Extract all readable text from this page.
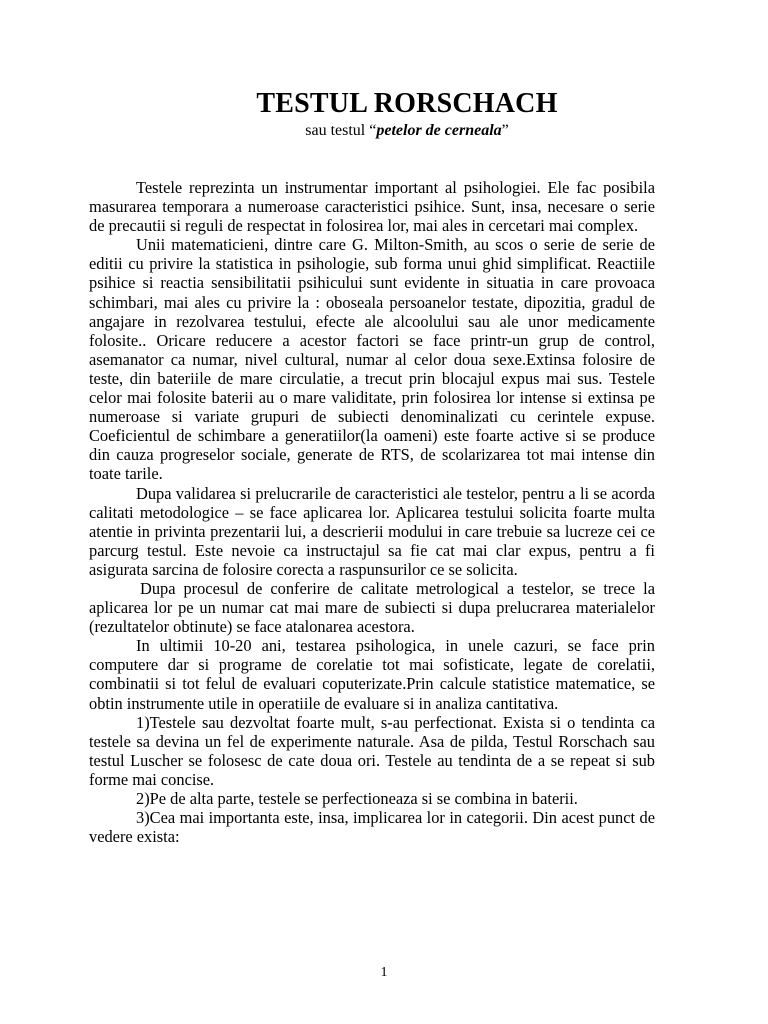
TESTUL RORSCHACH

sau testul “petelor de cerneala”

Testele reprezinta un instrumentar important al psihologiei. Ele fac posibila masurarea temporara a numeroase caracteristici psihice. Sunt, insa, necesare o serie de precautii si reguli de respectat in folosirea lor, mai ales in cercetari mai complex.

Unii matematicieni, dintre care G. Milton-Smith, au scos o serie de serie de editii cu privire la statistica in psihologie, sub forma unui ghid simplificat. Reactiile psihice si reactia sensibilitatii psihicului sunt evidente in situatia in care provoaca schimbari, mai ales cu privire la : oboseala persoanelor testate, dipozitia, gradul de angajare in rezolvarea testului, efecte ale alcoolului sau ale unor medicamente folosite.. Oricare reducere a acestor factori se face printr-un grup de control, asemanator ca numar, nivel cultural, numar al celor doua sexe.Extinsa folosire de teste, din bateriile de mare circulatie, a trecut prin blocajul expus mai sus. Testele celor mai folosite baterii au o mare validitate, prin folosirea lor intense si extinsa pe numeroase si variate grupuri de subiecti denominalizati cu cerintele expuse. Coeficientul de schimbare a generatiilor(la oameni) este foarte active si se produce din cauza progreselor sociale, generate de RTS, de scolarizarea tot mai intense din toate tarile.

Dupa validarea si prelucrarile de caracteristici ale testelor, pentru a li se acorda calitati metodologice – se face aplicarea lor. Aplicarea testului solicita foarte multa atentie in privinta prezentarii lui, a descrierii modului in care trebuie sa lucreze cei ce parcurg testul. Este nevoie ca instructajul sa fie cat mai clar expus, pentru a fi asigurata sarcina de folosire corecta a raspunsurilor ce se solicita.

Dupa procesul de conferire de calitate metrological a testelor, se trece la aplicarea lor pe un numar cat mai mare de subiecti si dupa prelucrarea materialelor (rezultatelor obtinute) se face atalonarea acestora.

In ultimii 10-20 ani, testarea psihologica, in unele cazuri, se face prin computere dar si programe de corelatie tot mai sofisticate, legate de corelatii, combinatii si tot felul de evaluari coputerizate.Prin calcule statistice matematice, se obtin instrumente utile in operatiile de evaluare si in analiza cantitativa.

1)Testele sau dezvoltat foarte mult, s-au perfectionat. Exista si o tendinta ca testele sa devina un fel de experimente naturale. Asa de pilda, Testul Rorschach sau testul Luscher se folosesc de cate doua ori. Testele au tendinta de a se repeat si sub forme mai concise.

2)Pe de alta parte, testele se perfectioneaza si se combina in baterii.

3)Cea mai importanta este, insa, implicarea lor in categorii. Din acest punct de vedere exista:

1
